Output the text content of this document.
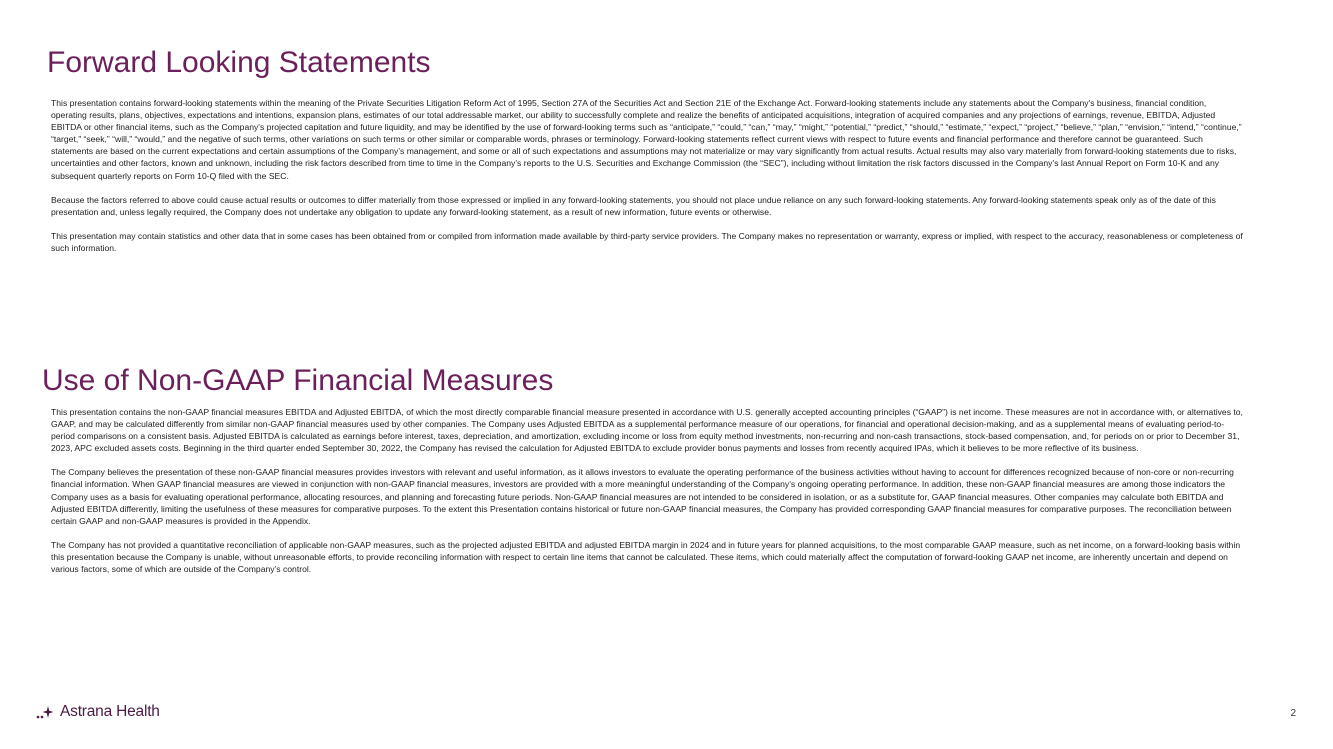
Forward Looking Statements

This presentation contains forward-looking statements within the meaning of the Private Securities Litigation Reform Act of 1995, Section 27A of the Securities Act and Section 21E of the Exchange Act. Forward-looking statements include any statements about the Company's business, financial condition, operating results, plans, objectives, expectations and intentions, expansion plans, estimates of our total addressable market, our ability to successfully complete and realize the benefits of anticipated acquisitions, integration of acquired companies and any projections of earnings, revenue, EBITDA, Adjusted EBITDA or other financial items, such as the Company's projected capitation and future liquidity, and may be identified by the use of forward-looking terms such as “anticipate,” “could,” “can,” “may,” “might,” “potential,” “predict,” “should,” “estimate,” “expect,” “project,” “believe,” “plan,” “envision,” “intend,” “continue,” “target,” “seek,” “will,” “would,” and the negative of such terms, other variations on such terms or other similar or comparable words, phrases or terminology. Forward-looking statements reflect current views with respect to future events and financial performance and therefore cannot be guaranteed. Such statements are based on the current expectations and certain assumptions of the Company’s management, and some or all of such expectations and assumptions may not materialize or may vary significantly from actual results. Actual results may also vary materially from forward-looking statements due to risks, uncertainties and other factors, known and unknown, including the risk factors described from time to time in the Company’s reports to the U.S. Securities and Exchange Commission (the “SEC”), including without limitation the risk factors discussed in the Company’s last Annual Report on Form 10-K and any subsequent quarterly reports on Form 10-Q filed with the SEC.

Because the factors referred to above could cause actual results or outcomes to differ materially from those expressed or implied in any forward-looking statements, you should not place undue reliance on any such forward-looking statements. Any forward-looking statements speak only as of the date of this presentation and, unless legally required, the Company does not undertake any obligation to update any forward-looking statement, as a result of new information, future events or otherwise.

This presentation may contain statistics and other data that in some cases has been obtained from or compiled from information made available by third-party service providers. The Company makes no representation or warranty, express or implied, with respect to the accuracy, reasonableness or completeness of such information.

Use of Non-GAAP Financial Measures

This presentation contains the non-GAAP financial measures EBITDA and Adjusted EBITDA, of which the most directly comparable financial measure presented in accordance with U.S. generally accepted accounting principles (“GAAP”) is net income. These measures are not in accordance with, or alternatives to, GAAP, and may be calculated differently from similar non-GAAP financial measures used by other companies. The Company uses Adjusted EBITDA as a supplemental performance measure of our operations, for financial and operational decision-making, and as a supplemental means of evaluating period-to-period comparisons on a consistent basis. Adjusted EBITDA is calculated as earnings before interest, taxes, depreciation, and amortization, excluding income or loss from equity method investments, non-recurring and non-cash transactions, stock-based compensation, and, for periods on or prior to December 31, 2023, APC excluded assets costs. Beginning in the third quarter ended September 30, 2022, the Company has revised the calculation for Adjusted EBITDA to exclude provider bonus payments and losses from recently acquired IPAs, which it believes to be more reflective of its business.

The Company believes the presentation of these non-GAAP financial measures provides investors with relevant and useful information, as it allows investors to evaluate the operating performance of the business activities without having to account for differences recognized because of non-core or non-recurring financial information. When GAAP financial measures are viewed in conjunction with non-GAAP financial measures, investors are provided with a more meaningful understanding of the Company’s ongoing operating performance. In addition, these non-GAAP financial measures are among those indicators the Company uses as a basis for evaluating operational performance, allocating resources, and planning and forecasting future periods. Non-GAAP financial measures are not intended to be considered in isolation, or as a substitute for, GAAP financial measures. Other companies may calculate both EBITDA and Adjusted EBITDA differently, limiting the usefulness of these measures for comparative purposes. To the extent this Presentation contains historical or future non-GAAP financial measures, the Company has provided corresponding GAAP financial measures for comparative purposes. The reconciliation between certain GAAP and non-GAAP measures is provided in the Appendix.

The Company has not provided a quantitative reconciliation of applicable non-GAAP measures, such as the projected adjusted EBITDA and adjusted EBITDA margin in 2024 and in future years for planned acquisitions, to the most comparable GAAP measure, such as net income, on a forward-looking basis within this presentation because the Company is unable, without unreasonable efforts, to provide reconciling information with respect to certain line items that cannot be calculated. These items, which could materially affect the computation of forward-looking GAAP net income, are inherently uncertain and depend on various factors, some of which are outside of the Company’s control.

Astrana Health	2
